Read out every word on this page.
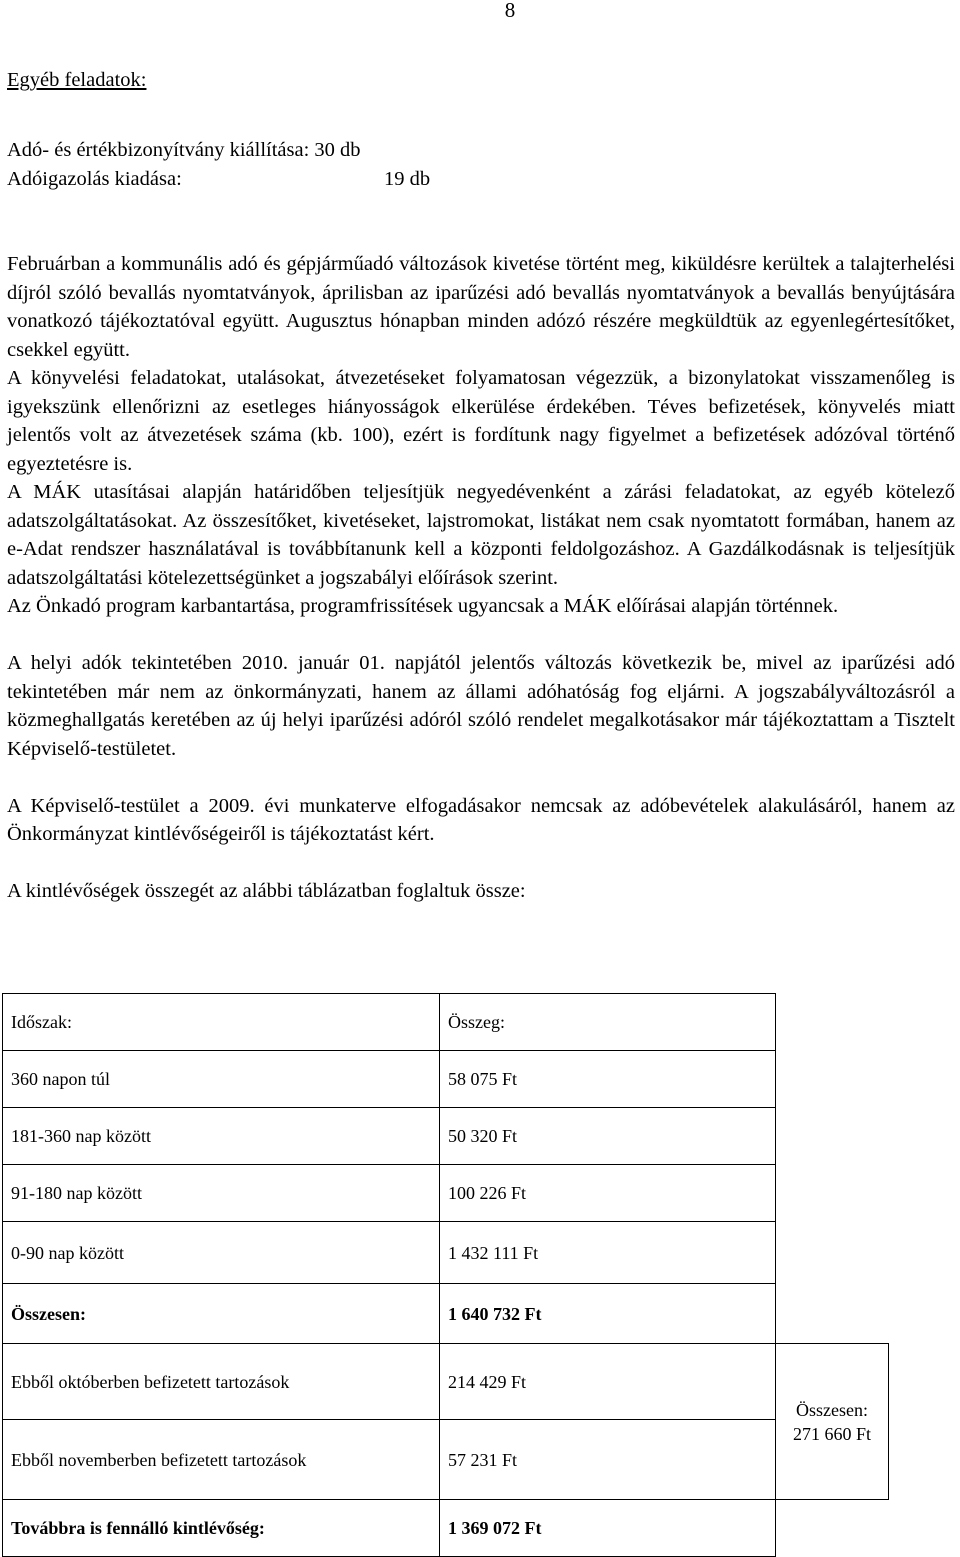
8
Egyéb feladatok:
Adó- és értékbizonyítvány kiállítása: 30 db
Adóigazolás kiadása:	19 db

Februárban a kommunális adó és gépjárműadó változások kivetése történt meg, kiküldésre kerültek a talajterhelési díjról szóló bevallás nyomtatványok, áprilisban az iparűzési adó bevallás nyomtatványok a bevallás benyújtására vonatkozó tájékoztatóval együtt. Augusztus hónapban minden adózó részére megküldtük az egyenlegértesítőket, csekkel együtt.

A könyvelési feladatokat, utalásokat, átvezetéseket folyamatosan végezzük, a bizonylatokat visszamenőleg is igyekszünk ellenőrizni az esetleges hiányosságok elkerülése érdekében. Téves befizetések, könyvelés miatt jelentős volt az átvezetések száma (kb. 100), ezért is fordítunk nagy figyelmet a befizetések adózóval történő egyeztetésre is.

A MÁK utasításai alapján határidőben teljesítjük negyedévenként a zárási feladatokat, az egyéb kötelező adatszolgáltatásokat. Az összesítőket, kivetéseket, lajstromokat, listákat nem csak nyomtatott formában, hanem az e-Adat rendszer használatával is továbbítanunk kell a központi feldolgozáshoz. A Gazdálkodásnak is teljesítjük adatszolgáltatási kötelezettségünket a jogszabályi előírások szerint.

Az Önkadó program karbantartása, programfrissítések ugyancsak a MÁK előírásai alapján történnek.

A helyi adók tekintetében 2010. január 01. napjától jelentős változás következik be, mivel az iparűzési adó tekintetében már nem az önkormányzati, hanem az állami adóhatóság fog eljárni. A jogszabályváltozásról a közmeghallgatás keretében az új helyi iparűzési adóról szóló rendelet megalkotásakor már tájékoztattam a Tisztelt Képviselő-testületet.

A Képviselő-testület a 2009. évi munkaterve elfogadásakor nemcsak az adóbevételek alakulásáról, hanem az Önkormányzat kintlévőségeiről is tájékoztatást kért.

A kintlévőségek összegét az alábbi táblázatban foglaltuk össze:

Időszak:	Összeg:	
360 napon túl	58 075 Ft	
181-360 nap között	50 320 Ft	
91-180 nap között	100 226 Ft	
0-90 nap között	1 432 111 Ft	
Összesen:	1 640 732 Ft	
Ebből októberben befizetett tartozások	214 429 Ft	Összesen:
271 660 Ft

Ebből novemberben befizetett tartozások	57 231 Ft	
Továbbra is fennálló kintlévőség:	1 369 072 Ft	
